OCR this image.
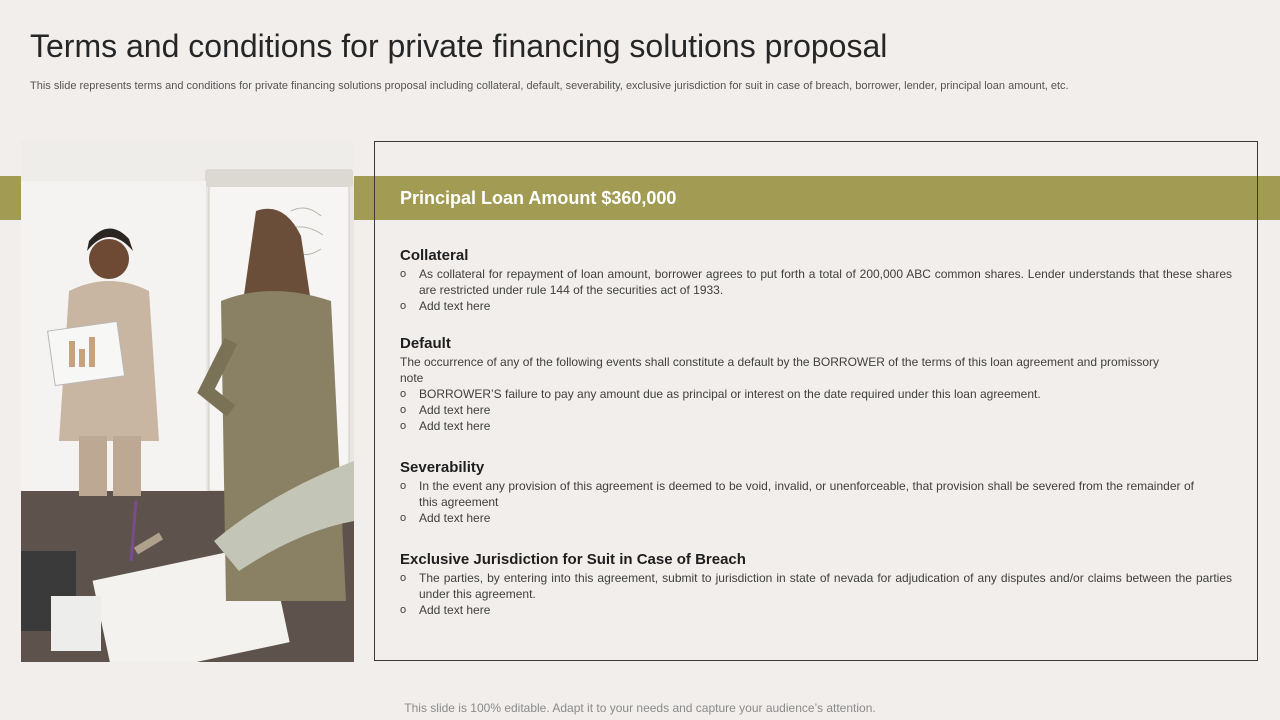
Terms and conditions for private financing solutions proposal
This slide represents terms and conditions for private financing solutions proposal including collateral, default, severability, exclusive jurisdiction for suit in case of breach, borrower, lender, principal loan amount, etc.
Principal Loan Amount $360,000
Collateral
o As collateral for repayment of loan amount, borrower agrees to put forth a total of 200,000 ABC common shares. Lender understands that these shares are restricted under rule 144 of the securities act of 1933.
o Add text here
Default

The occurrence of any of the following events shall constitute a default by the BORROWER of the terms of this loan agreement and promissory note

o BORROWER’S failure to pay any amount due as principal or interest on the date required under this loan agreement.
o Add text here
o Add text here
Severability
o In the event any provision of this agreement is deemed to be void, invalid, or unenforceable, that provision shall be severed from the remainder of this agreement
o Add text here
Exclusive Jurisdiction for Suit in Case of Breach
o The parties, by entering into this agreement, submit to jurisdiction in state of nevada for adjudication of any disputes and/or claims between the parties under this agreement.
o Add text here
This slide is 100% editable. Adapt it to your needs and capture your audience’s attention.
